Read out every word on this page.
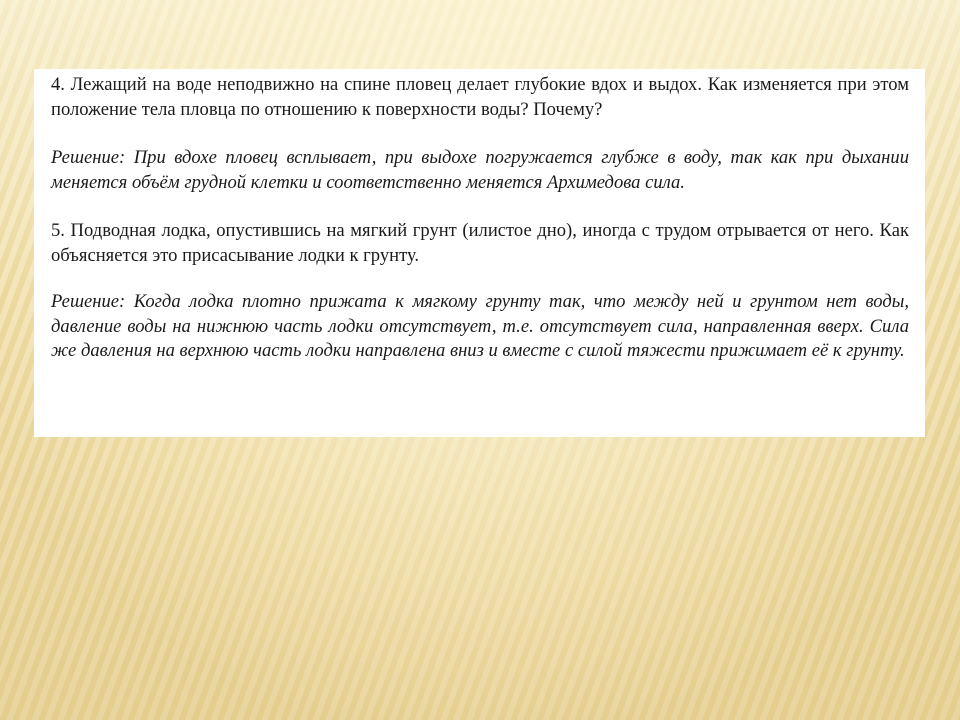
4. Лежащий на воде неподвижно на спине пловец делает глубокие вдох и выдох. Как изменяется при этом положение тела пловца по отношению к поверхности воды? Почему?

Решение: При вдохе пловец всплывает, при выдохе погружается глубже в воду, так как при дыхании меняется объём грудной клетки и соответственно меняется Архимедова сила.

5. Подводная лодка, опустившись на мягкий грунт (илистое дно), иногда с трудом отрывается от него. Как объясняется это присасывание лодки к грунту.

Решение: Когда лодка плотно прижата к мягкому грунту так, что между ней и грунтом нет воды, давление воды на нижнюю часть лодки отсутствует, т.е. отсутствует сила, направленная вверх. Сила же давления на верхнюю часть лодки направлена вниз и вместе с силой тяжести прижимает её к грунту.
